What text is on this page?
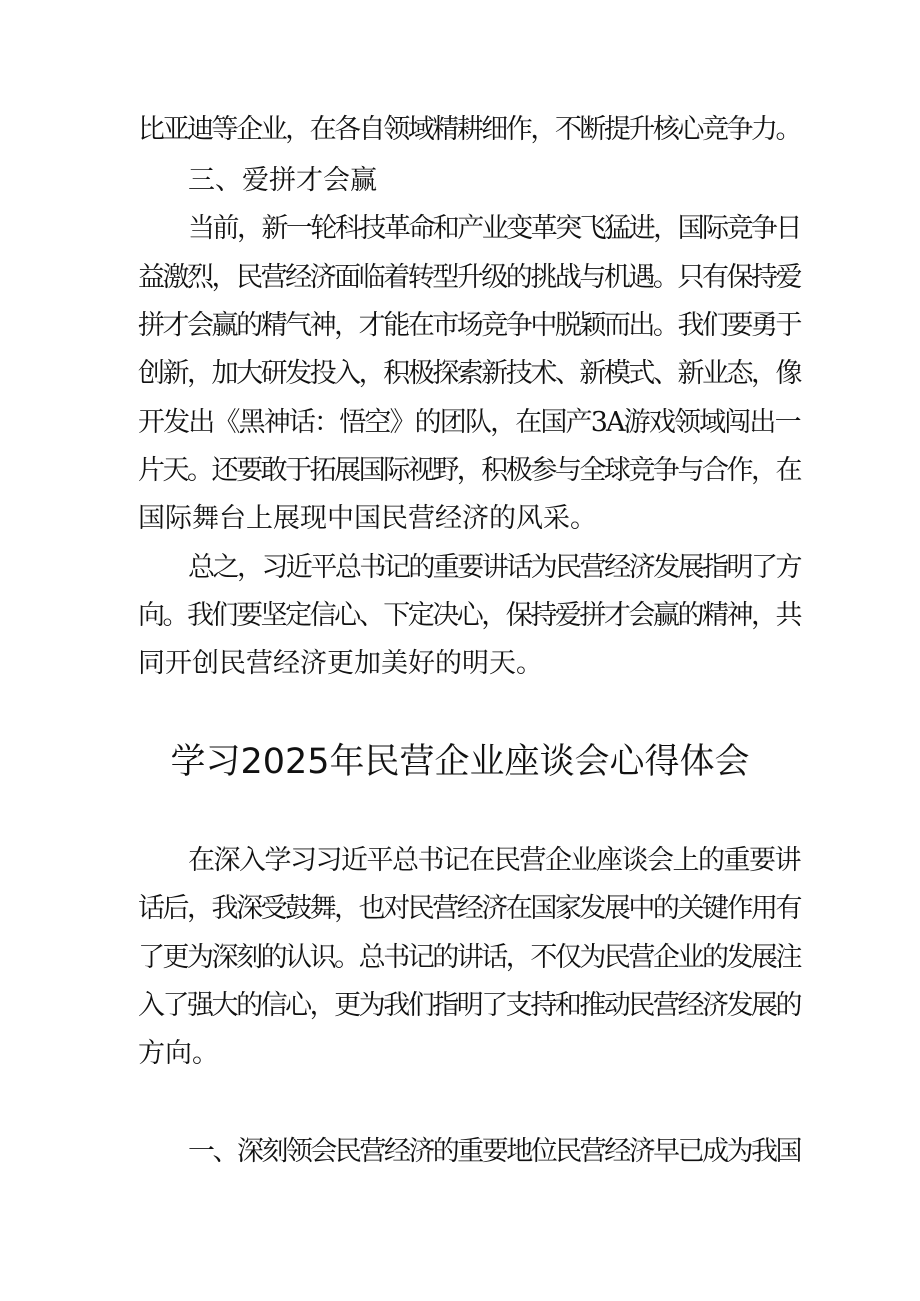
比亚迪等企业，在各自领域精耕细作，不断提升核心竞争力。
三、爱拼才会赢
当前，新一轮科技革命和产业变革突飞猛进，国际竞争日
益激烈，民营经济面临着转型升级的挑战与机遇。只有保持爱
拼才会赢的精气神，才能在市场竞争中脱颖而出。我们要勇于
创新，加大研发投入，积极探索新技术、新模式、新业态，像
开发出《黑神话：悟空》的团队，在国产3A游戏领域闯出一
片天。还要敢于拓展国际视野，积极参与全球竞争与合作，在
国际舞台上展现中国民营经济的风采。
总之，习近平总书记的重要讲话为民营经济发展指明了方
向。我们要坚定信心、下定决心，保持爱拼才会赢的精神，共
同开创民营经济更加美好的明天。
学习2025年民营企业座谈会心得体会
在深入学习习近平总书记在民营企业座谈会上的重要讲
话后，我深受鼓舞，也对民营经济在国家发展中的关键作用有
了更为深刻的认识。总书记的讲话，不仅为民营企业的发展注
入了强大的信心，更为我们指明了支持和推动民营经济发展的
方向。
一、深刻领会民营经济的重要地位民营经济早已成为我国
